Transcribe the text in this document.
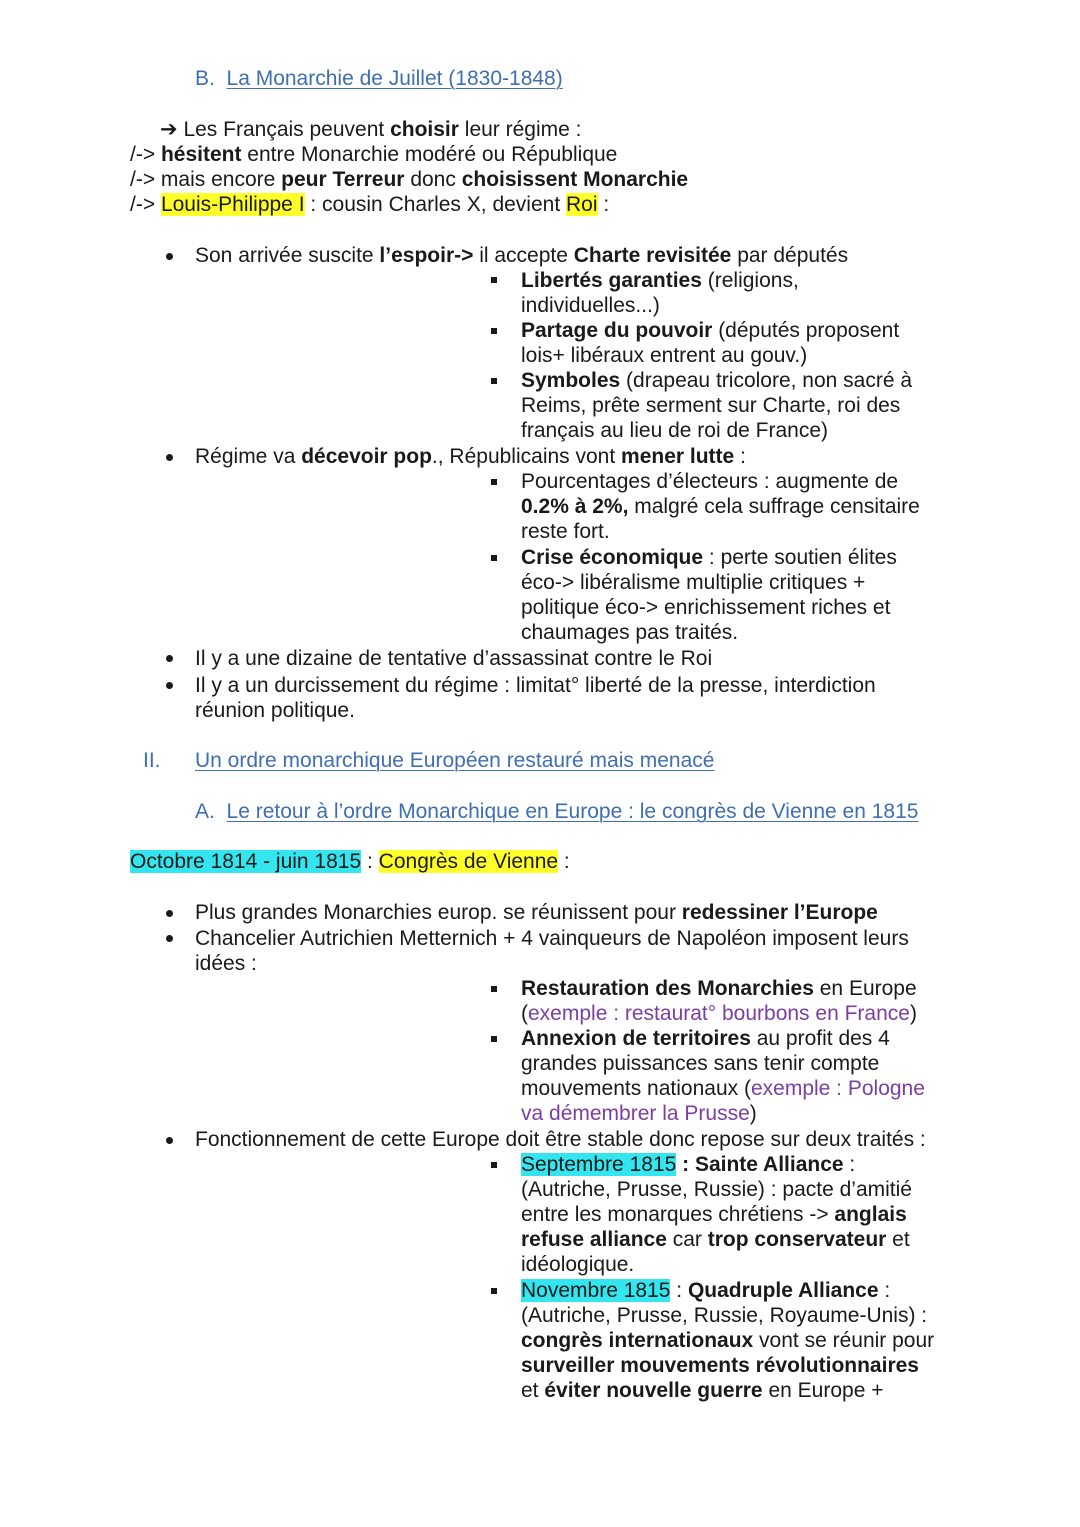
B. La Monarchie de Juillet (1830-1848)
➔ Les Français peuvent choisir leur régime :
/-> hésitent entre Monarchie modéré ou République
/-> mais encore peur Terreur donc choisissent Monarchie
/-> Louis-Philippe I : cousin Charles X, devient Roi :
Son arrivée suscite l’espoir-> il accepte Charte revisitée par députés
Libertés garanties (religions,
individuelles...)
Partage du pouvoir (députés proposent
lois+ libéraux entrent au gouv.)
Symboles (drapeau tricolore, non sacré à
Reims, prête serment sur Charte, roi des
français au lieu de roi de France)
Régime va décevoir pop., Républicains vont mener lutte :
Pourcentages d’électeurs : augmente de
0.2% à 2%, malgré cela suffrage censitaire
reste fort.
Crise économique : perte soutien élites
éco-> libéralisme multiplie critiques +
politique éco-> enrichissement riches et
chaumages pas traités.
Il y a une dizaine de tentative d’assassinat contre le Roi
Il y a un durcissement du régime : limitat° liberté de la presse, interdiction
réunion politique.
II. Un ordre monarchique Européen restauré mais menacé
A. Le retour à l’ordre Monarchique en Europe : le congrès de Vienne en 1815
Octobre 1814 - juin 1815 : Congrès de Vienne :
Plus grandes Monarchies europ. se réunissent pour redessiner l’Europe
Chancelier Autrichien Metternich + 4 vainqueurs de Napoléon imposent leurs
idées :
Restauration des Monarchies en Europe
(exemple : restaurat° bourbons en France)
Annexion de territoires au profit des 4
grandes puissances sans tenir compte
mouvements nationaux (exemple : Pologne
va démembrer la Prusse)
Fonctionnement de cette Europe doit être stable donc repose sur deux traités :
Septembre 1815 : Sainte Alliance :
(Autriche, Prusse, Russie) : pacte d’amitié
entre les monarques chrétiens -> anglais
refuse alliance car trop conservateur et
idéologique.
Novembre 1815 : Quadruple Alliance :
(Autriche, Prusse, Russie, Royaume-Unis) :
congrès internationaux vont se réunir pour
surveiller mouvements révolutionnaires
et éviter nouvelle guerre en Europe +
